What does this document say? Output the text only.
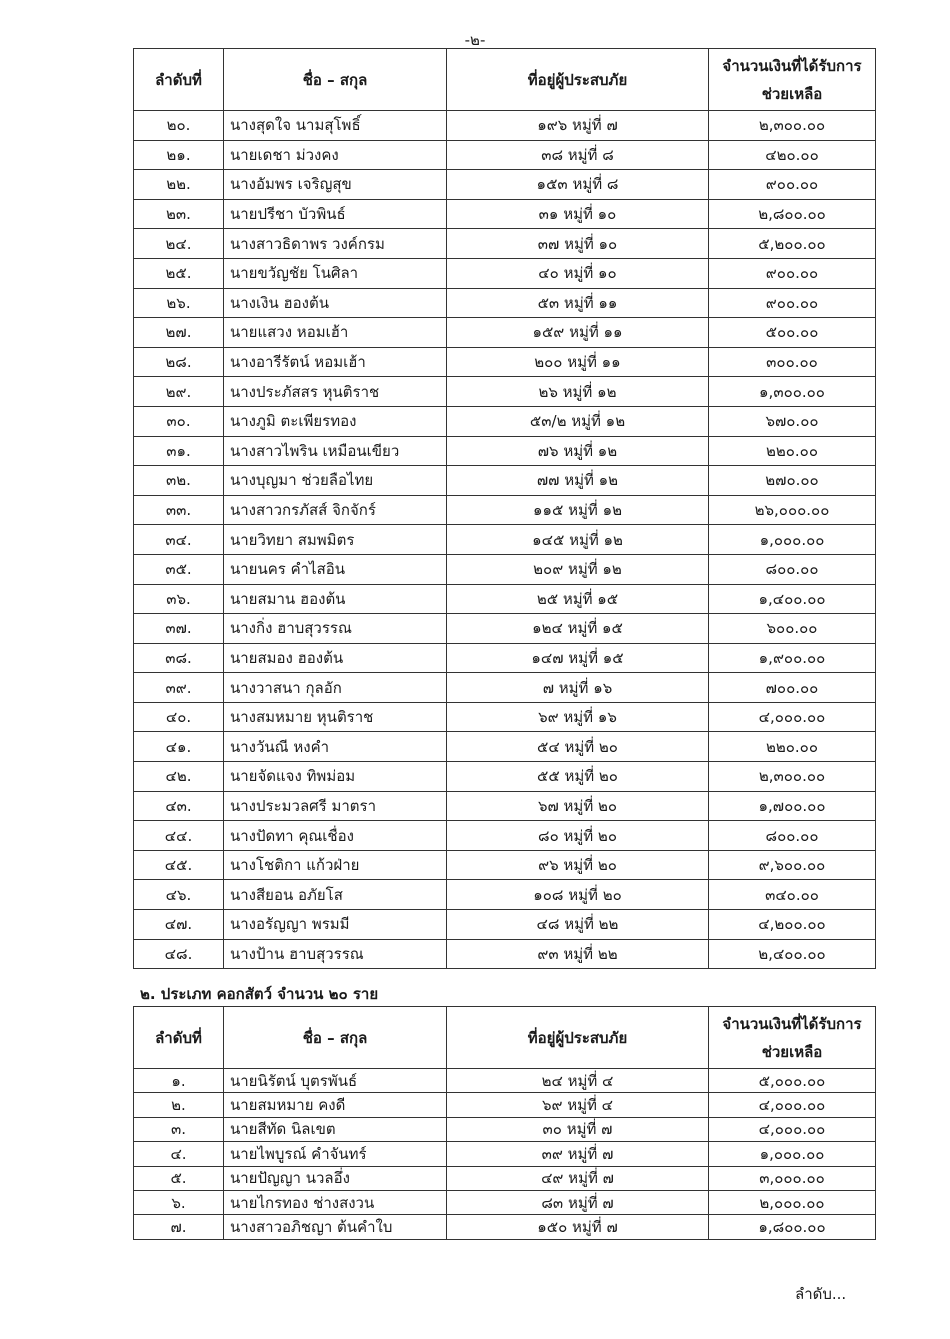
-๒-
ลำดับที่	ชื่อ – สกุล	ที่อยู่ผู้ประสบภัย	จำนวนเงินที่ได้รับการช่วยเหลือ
๒๐.	นางสุดใจ นามสุโพธิ์	๑๙๖ หมู่ที่ ๗	๒,๓๐๐.๐๐
๒๑.	นายเดชา ม่วงคง	๓๘ หมู่ที่ ๘	๔๒๐.๐๐
๒๒.	นางอัมพร เจริญสุข	๑๕๓ หมู่ที่ ๘	๙๐๐.๐๐
๒๓.	นายปรีชา บัวพินธ์	๓๑ หมู่ที่ ๑๐	๒,๘๐๐.๐๐
๒๔.	นางสาวธิดาพร วงค์กรม	๓๗ หมู่ที่ ๑๐	๕,๒๐๐.๐๐
๒๕.	นายขวัญชัย โนศิลา	๔๐ หมู่ที่ ๑๐	๙๐๐.๐๐
๒๖.	นางเงิน ฮองต้น	๕๓ หมู่ที่ ๑๑	๙๐๐.๐๐
๒๗.	นายแสวง หอมเฮ้า	๑๕๙ หมู่ที่ ๑๑	๕๐๐.๐๐
๒๘.	นางอารีรัตน์ หอมเฮ้า	๒๐๐ หมู่ที่ ๑๑	๓๐๐.๐๐
๒๙.	นางประภัสสร หุนติราช	๒๖ หมู่ที่ ๑๒	๑,๓๐๐.๐๐
๓๐.	นางภูมิ ตะเพียรทอง	๕๓/๒ หมู่ที่ ๑๒	๖๗๐.๐๐
๓๑.	นางสาวไพริน เหมือนเขียว	๗๖ หมู่ที่ ๑๒	๒๒๐.๐๐
๓๒.	นางบุญมา ช่วยลือไทย	๗๗ หมู่ที่ ๑๒	๒๗๐.๐๐
๓๓.	นางสาวกรภัสส์ จิกจักร์	๑๑๕ หมู่ที่ ๑๒	๒๖,๐๐๐.๐๐
๓๔.	นายวิทยา สมพมิตร	๑๔๕ หมู่ที่ ๑๒	๑,๐๐๐.๐๐
๓๕.	นายนคร คำไสอิน	๒๐๙ หมู่ที่ ๑๒	๘๐๐.๐๐
๓๖.	นายสมาน ฮองต้น	๒๕ หมู่ที่ ๑๕	๑,๔๐๐.๐๐
๓๗.	นางกิ่ง ฮาบสุวรรณ	๑๒๔ หมู่ที่ ๑๕	๖๐๐.๐๐
๓๘.	นายสมอง ฮองต้น	๑๔๗ หมู่ที่ ๑๕	๑,๙๐๐.๐๐
๓๙.	นางวาสนา กุลอัก	๗ หมู่ที่ ๑๖	๗๐๐.๐๐
๔๐.	นางสมหมาย หุนติราช	๖๙ หมู่ที่ ๑๖	๔,๐๐๐.๐๐
๔๑.	นางวันณี หงคำ	๕๔ หมู่ที่ ๒๐	๒๒๐.๐๐
๔๒.	นายจัดแจง ทิพม่อม	๕๕ หมู่ที่ ๒๐	๒,๓๐๐.๐๐
๔๓.	นางประมวลศรี มาตรา	๖๗ หมู่ที่ ๒๐	๑,๗๐๐.๐๐
๔๔.	นางปัดทา คุณเชื่อง	๘๐ หมู่ที่ ๒๐	๘๐๐.๐๐
๔๕.	นางโชติกา แก้วฝ่าย	๙๖ หมู่ที่ ๒๐	๙,๖๐๐.๐๐
๔๖.	นางสียอน อภัยโส	๑๐๘ หมู่ที่ ๒๐	๓๔๐.๐๐
๔๗.	นางอรัญญา พรมมี	๔๘ หมู่ที่ ๒๒	๔,๒๐๐.๐๐
๔๘.	นางป้าน ฮาบสุวรรณ	๙๓ หมู่ที่ ๒๒	๒,๔๐๐.๐๐
๒. ประเภท คอกสัตว์ จำนวน ๒๐ ราย
ลำดับที่	ชื่อ – สกุล	ที่อยู่ผู้ประสบภัย	จำนวนเงินที่ได้รับการช่วยเหลือ
๑.	นายนิรัตน์ บุตรพันธ์	๒๔ หมู่ที่ ๔	๕,๐๐๐.๐๐
๒.	นายสมหมาย คงดี	๖๙ หมู่ที่ ๔	๔,๐๐๐.๐๐
๓.	นายสีทัด นิลเขต	๓๐ หมู่ที่ ๗	๔,๐๐๐.๐๐
๔.	นายไพบูรณ์ คำจันทร์	๓๙ หมู่ที่ ๗	๑,๐๐๐.๐๐
๕.	นายปัญญา นวลอึ่ง	๔๙ หมู่ที่ ๗	๓,๐๐๐.๐๐
๖.	นายไกรทอง ช่างสงวน	๘๓ หมู่ที่ ๗	๒,๐๐๐.๐๐
๗.	นางสาวอภิชญา ต้นคำใบ	๑๕๐ หมู่ที่ ๗	๑,๘๐๐.๐๐
ลำดับ...
